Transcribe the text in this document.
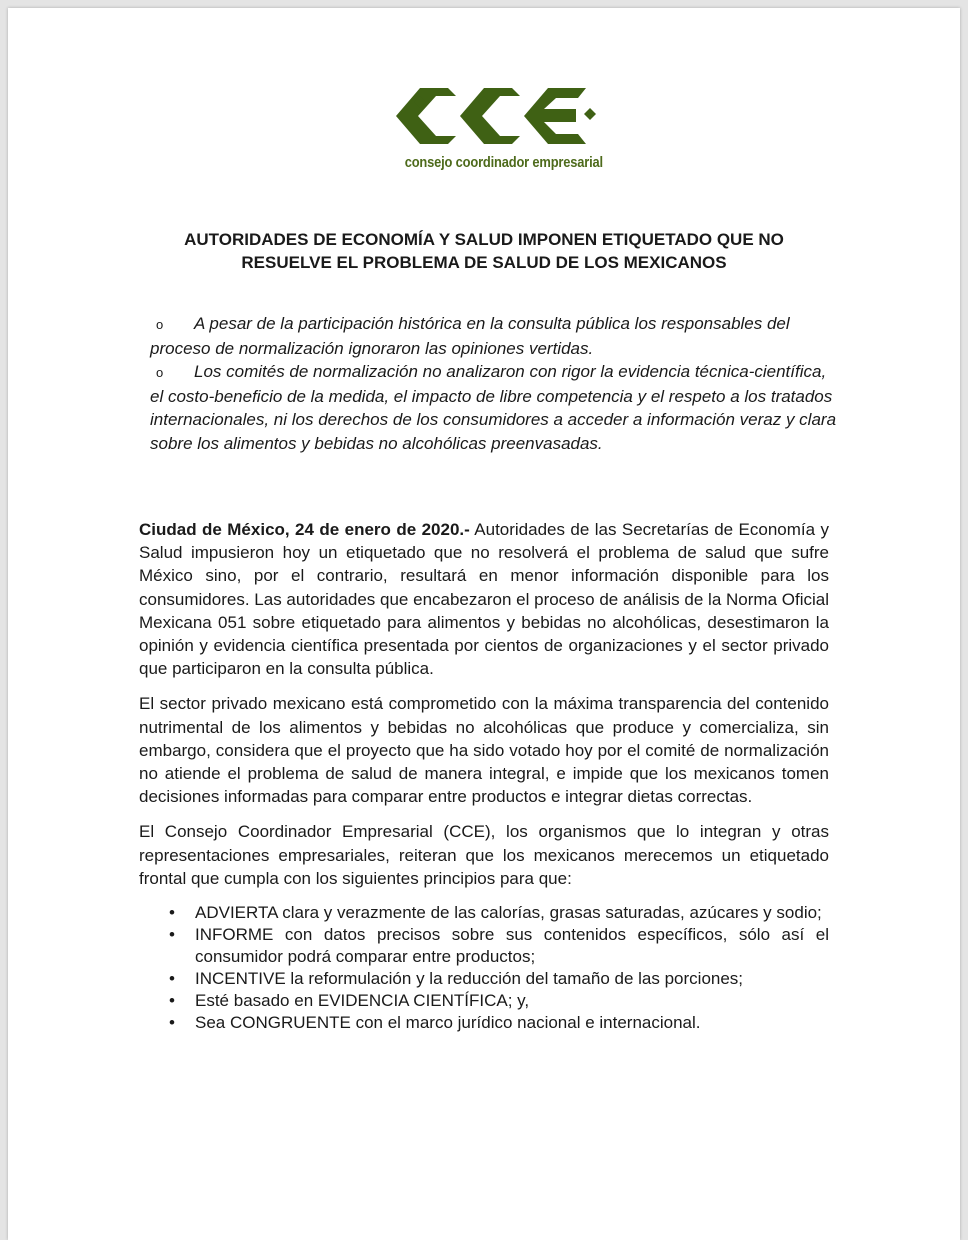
consejo coordinador empresarial
AUTORIDADES DE ECONOMÍA Y SALUD IMPONEN ETIQUETADO QUE NO RESUELVE EL PROBLEMA DE SALUD DE LOS MEXICANOS
o A pesar de la participación histórica en la consulta pública los responsables del proceso de normalización ignoraron las opiniones vertidas.
o Los comités de normalización no analizaron con rigor la evidencia técnica-científica, el costo-beneficio de la medida, el impacto de libre competencia y el respeto a los tratados internacionales, ni los derechos de los consumidores a acceder a información veraz y clara sobre los alimentos y bebidas no alcohólicas preenvasadas.

Ciudad de México, 24 de enero de 2020.- Autoridades de las Secretarías de Economía y Salud impusieron hoy un etiquetado que no resolverá el problema de salud que sufre México sino, por el contrario, resultará en menor información disponible para los consumidores. Las autoridades que encabezaron el proceso de análisis de la Norma Oficial Mexicana 051 sobre etiquetado para alimentos y bebidas no alcohólicas, desestimaron la opinión y evidencia científica presentada por cientos de organizaciones y el sector privado que participaron en la consulta pública.

El sector privado mexicano está comprometido con la máxima transparencia del contenido nutrimental de los alimentos y bebidas no alcohólicas que produce y comercializa, sin embargo, considera que el proyecto que ha sido votado hoy por el comité de normalización no atiende el problema de salud de manera integral, e impide que los mexicanos tomen decisiones informadas para comparar entre productos e integrar dietas correctas.

El Consejo Coordinador Empresarial (CCE), los organismos que lo integran y otras representaciones empresariales, reiteran que los mexicanos merecemos un etiquetado frontal que cumpla con los siguientes principios para que:

• ADVIERTA clara y verazmente de las calorías, grasas saturadas, azúcares y sodio;
• INFORME con datos precisos sobre sus contenidos específicos, sólo así el consumidor podrá comparar entre productos;
• INCENTIVE la reformulación y la reducción del tamaño de las porciones;
• Esté basado en EVIDENCIA CIENTÍFICA; y,
• Sea CONGRUENTE con el marco jurídico nacional e internacional.
